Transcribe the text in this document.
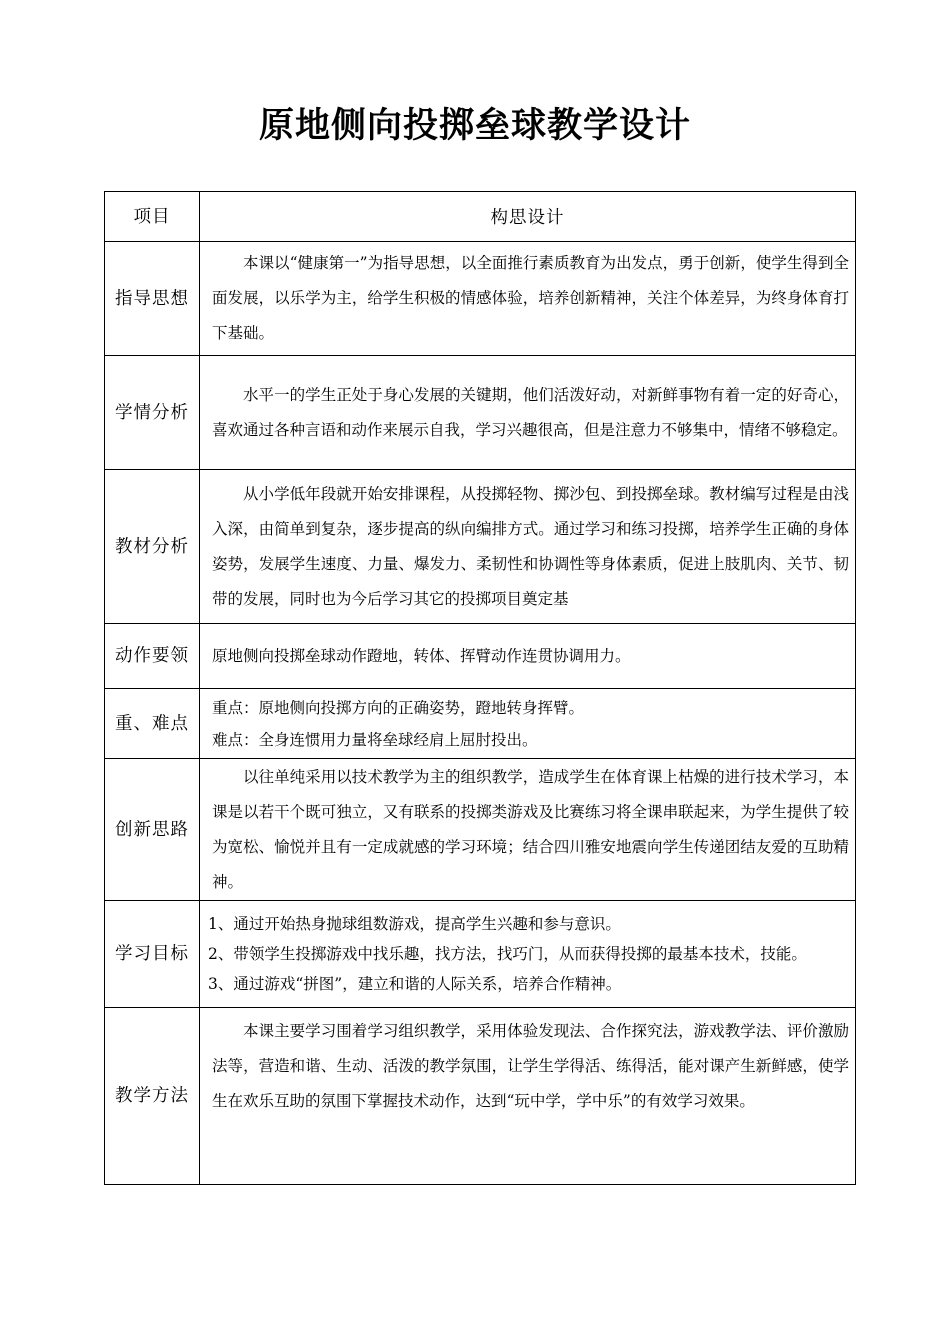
原地侧向投掷垒球教学设计
项目	构思设计
指导思想	本课以“健康第一”为指导思想，以全面推行素质教育为出发点，勇于创新，使学生得到全面发展，以乐学为主，给学生积极的情感体验，培养创新精神，关注个体差异，为终身体育打下基础。

学情分析	水平一的学生正处于身心发展的关键期，他们活泼好动，对新鲜事物有着一定的好奇心，喜欢通过各种言语和动作来展示自我，学习兴趣很高，但是注意力不够集中，情绪不够稳定。

教材分析	从小学低年段就开始安排课程，从投掷轻物、掷沙包、到投掷垒球。教材编写过程是由浅入深，由简单到复杂，逐步提高的纵向编排方式。通过学习和练习投掷，培养学生正确的身体姿势，发展学生速度、力量、爆发力、柔韧性和协调性等身体素质，促进上肢肌肉、关节、韧带的发展，同时也为今后学习其它的投掷项目奠定基

动作要领	原地侧向投掷垒球动作蹬地，转体、挥臂动作连贯协调用力。

重、难点	重点：原地侧向投掷方向的正确姿势，蹬地转身挥臂。

难点：全身连惯用力量将垒球经肩上屈肘投出。

创新思路	以往单纯采用以技术教学为主的组织教学，造成学生在体育课上枯燥的进行技术学习，本课是以若干个既可独立，又有联系的投掷类游戏及比赛练习将全课串联起来，为学生提供了较为宽松、愉悦并且有一定成就感的学习环境；结合四川雅安地震向学生传递团结友爱的互助精神。

学习目标	1、通过开始热身抛球组数游戏，提高学生兴趣和参与意识。

2、带领学生投掷游戏中找乐趣，找方法，找巧门，从而获得投掷的最基本技术，技能。

3、通过游戏“拼图”，建立和谐的人际关系，培养合作精神。

教学方法	本课主要学习围着学习组织教学，采用体验发现法、合作探究法，游戏教学法、评价激励法等，营造和谐、生动、活泼的教学氛围，让学生学得活、练得活，能对课产生新鲜感，使学生在欢乐互助的氛围下掌握技术动作，达到“玩中学，学中乐”的有效学习效果。
